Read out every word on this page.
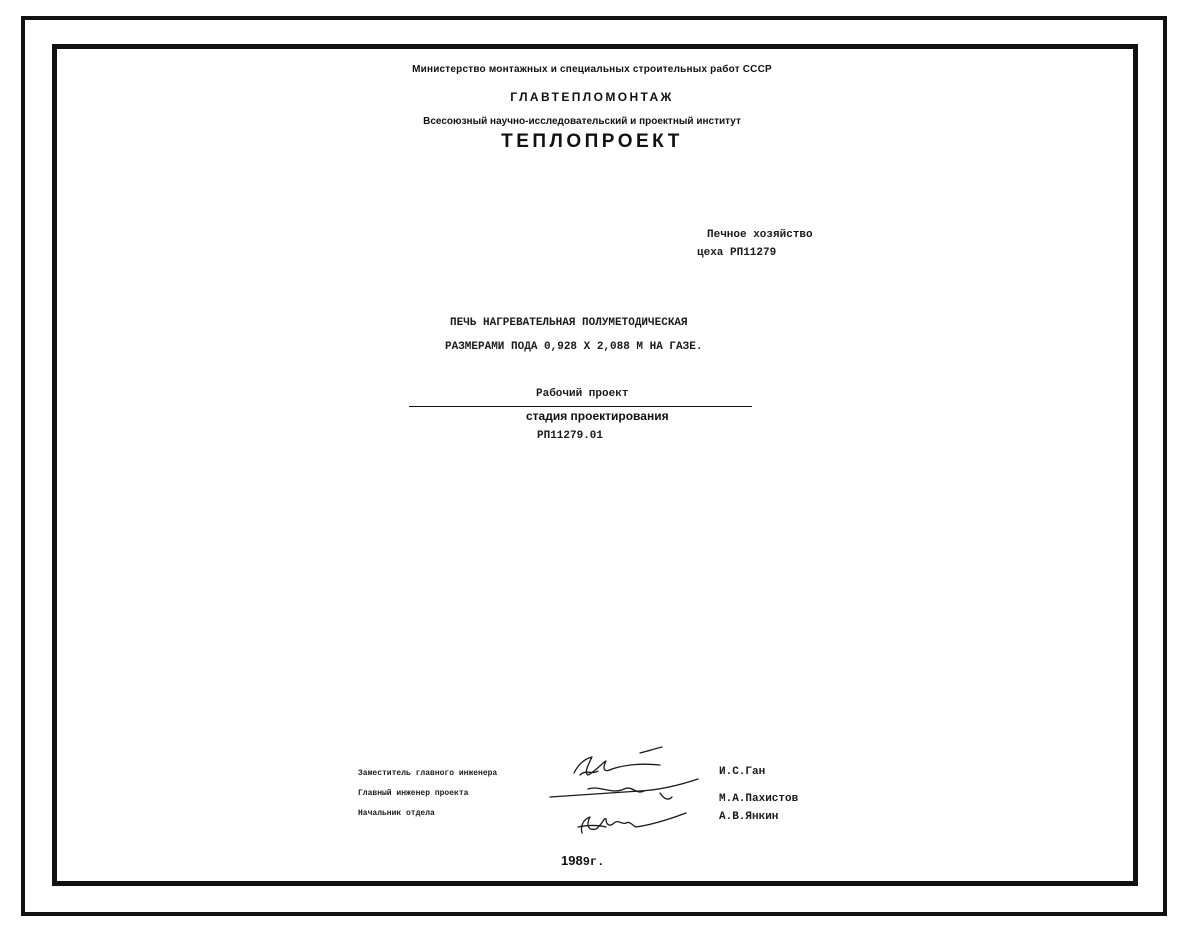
Министерство монтажных и специальных строительных работ СССР
ГЛАВТЕПЛОМОНТАЖ
Всесоюзный научно-исследовательский и проектный институт
ТЕПЛОПРОЕКТ
Печное хозяйство
цеха РП11279
ПЕЧЬ НАГРЕВАТЕЛЬНАЯ ПОЛУМЕТОДИЧЕСКАЯ
РАЗМЕРАМИ ПОДА 0,928 Х 2,088 М НА ГАЗЕ.
Рабочий проект
стадия проектирования
РП11279.01
Заместитель главного инженера
Главный инженер проекта
Начальник отдела
И.С.Ган
М.А.Пахистов
А.В.Янкин
1989г.
